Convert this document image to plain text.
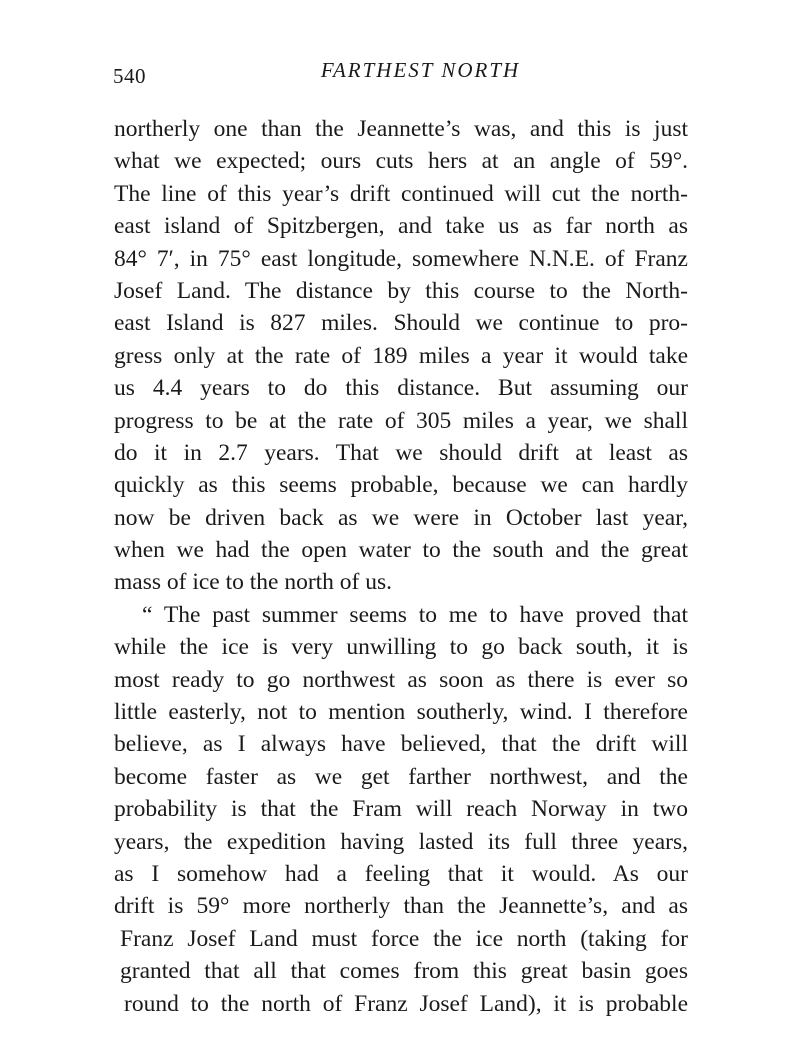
540	FARTHEST NORTH
northerly one than the Jeannette’s was, and this is just
what we expected; ours cuts hers at an angle of 59°.
The line of this year’s drift continued will cut the north-
east island of Spitzbergen, and take us as far north as
84° 7′, in 75° east longitude, somewhere N.N.E. of Franz
Josef Land. The distance by this course to the North-
east Island is 827 miles. Should we continue to pro-
gress only at the rate of 189 miles a year it would take
us 4.4 years to do this distance. But assuming our
progress to be at the rate of 305 miles a year, we shall
do it in 2.7 years. That we should drift at least as
quickly as this seems probable, because we can hardly
now be driven back as we were in October last year,
when we had the open water to the south and the great
mass of ice to the north of us.
“ The past summer seems to me to have proved that
while the ice is very unwilling to go back south, it is
most ready to go northwest as soon as there is ever so
little easterly, not to mention southerly, wind. I therefore
believe, as I always have believed, that the drift will
become faster as we get farther northwest, and the
probability is that the Fram will reach Norway in two
years, the expedition having lasted its full three years,
as I somehow had a feeling that it would. As our
drift is 59° more northerly than the Jeannette’s, and as
Franz Josef Land must force the ice north (taking for
granted that all that comes from this great basin goes
round to the north of Franz Josef Land), it is probable
